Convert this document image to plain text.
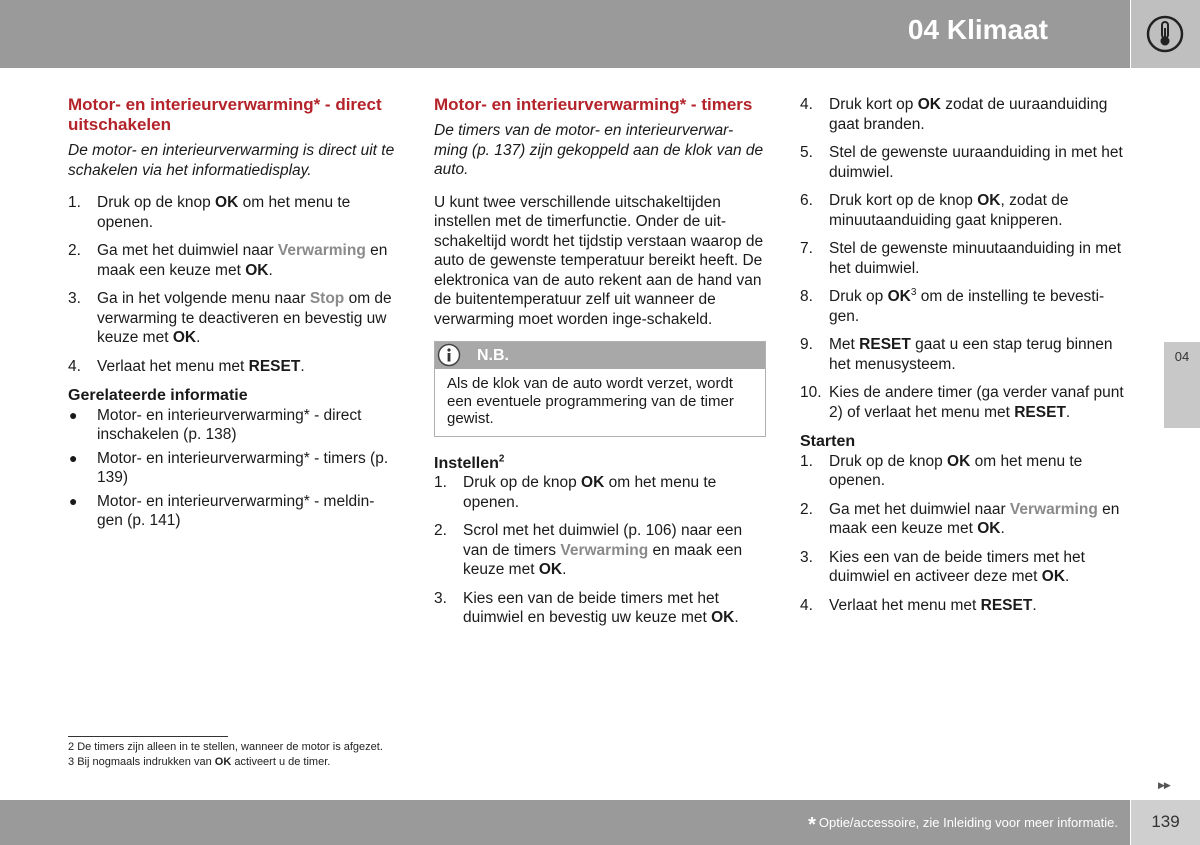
04 Klimaat
04
Motor- en interieurverwarming* - direct uitschakelen
De motor- en interieurverwarming is direct uit te schakelen via het informatiedisplay.
1. Druk op de knop OK om het menu te openen.
2. Ga met het duimwiel naar Verwarming en maak een keuze met OK.
3. Ga in het volgende menu naar Stop om de verwarming te deactiveren en bevestig uw keuze met OK.
4. Verlaat het menu met RESET.
Gerelateerde informatie
● Motor- en interieurverwarming* - direct inschakelen (p. 138)
● Motor- en interieurverwarming* - timers (p. 139)
● Motor- en interieurverwarming* - meldin-gen (p. 141)
Motor- en interieurverwarming* - timers
De timers van de motor- en interieurverwar-ming (p. 137) zijn gekoppeld aan de klok van de auto.
U kunt twee verschillende uitschakeltijden instellen met de timerfunctie. Onder de uit-schakeltijd wordt het tijdstip verstaan waarop de auto de gewenste temperatuur bereikt heeft. De elektronica van de auto rekent aan de hand van de buitentemperatuur zelf uit wanneer de verwarming moet worden inge-schakeld.
N.B.
Als de klok van de auto wordt verzet, wordt een eventuele programmering van de timer gewist.
Instellen$^2$
1. Druk op de knop OK om het menu te openen.
2. Scrol met het duimwiel (p. 106) naar een van de timers Verwarming en maak een keuze met OK.
3. Kies een van de beide timers met het duimwiel en bevestig uw keuze met OK.
4. Druk kort op OK zodat de uuraanduiding gaat branden.
5. Stel de gewenste uuraanduiding in met het duimwiel.
6. Druk kort op de knop OK, zodat de minuutaanduiding gaat knipperen.
7. Stel de gewenste minuutaanduiding in met het duimwiel.
8. Druk op $OK^3$ om de instelling te bevesti-gen.
9. Met RESET gaat u een stap terug binnen het menusysteem.
10. Kies de andere timer (ga verder vanaf punt 2) of verlaat het menu met RESET.
Starten
1. Druk op de knop OK om het menu te openen.
2. Ga met het duimwiel naar Verwarming en maak een keuze met OK.
3. Kies een van de beide timers met het duimwiel en activeer deze met OK.
4. Verlaat het menu met RESET.
2 De timers zijn alleen in te stellen, wanneer de motor is afgezet.
3 Bij nogmaals indrukken van OK activeert u de timer.
▶▶
* Optie/accessoire, zie Inleiding voor meer informatie.	139
